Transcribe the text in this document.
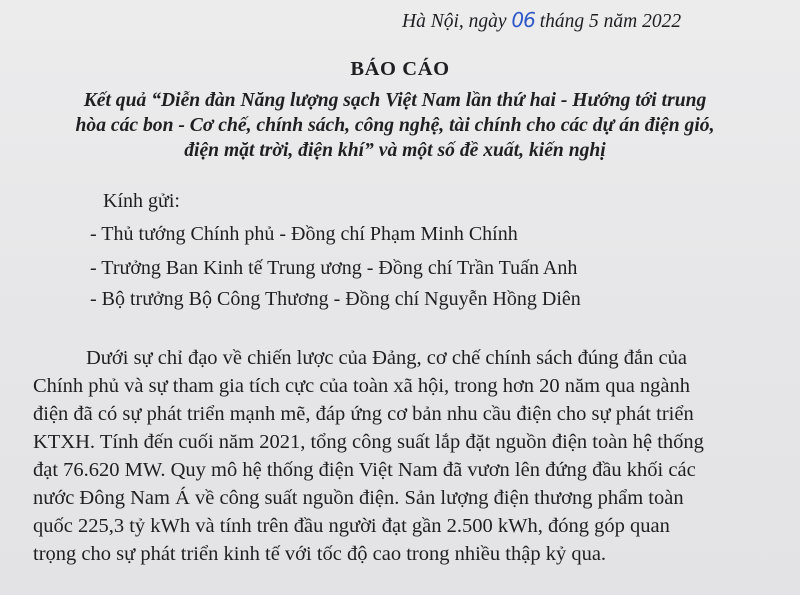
Hà Nội, ngày 06 tháng 5 năm 2022
BÁO CÁO
Kết quả “Diễn đàn Năng lượng sạch Việt Nam lần thứ hai - Hướng tới trung
hòa các bon - Cơ chế, chính sách, công nghệ, tài chính cho các dự án điện gió,
điện mặt trời, điện khí” và một số đề xuất, kiến nghị
Kính gửi:
- Thủ tướng Chính phủ - Đồng chí Phạm Minh Chính
- Trưởng Ban Kinh tế Trung ương - Đồng chí Trần Tuấn Anh
- Bộ trưởng Bộ Công Thương - Đồng chí Nguyễn Hồng Diên
Dưới sự chỉ đạo về chiến lược của Đảng, cơ chế chính sách đúng đắn của
Chính phủ và sự tham gia tích cực của toàn xã hội, trong hơn 20 năm qua ngành
điện đã có sự phát triển mạnh mẽ, đáp ứng cơ bản nhu cầu điện cho sự phát triển
KTXH. Tính đến cuối năm 2021, tổng công suất lắp đặt nguồn điện toàn hệ thống
đạt 76.620 MW. Quy mô hệ thống điện Việt Nam đã vươn lên đứng đầu khối các
nước Đông Nam Á về công suất nguồn điện. Sản lượng điện thương phẩm toàn
quốc 225,3 tỷ kWh và tính trên đầu người đạt gần 2.500 kWh, đóng góp quan
trọng cho sự phát triển kinh tế với tốc độ cao trong nhiều thập kỷ qua.
